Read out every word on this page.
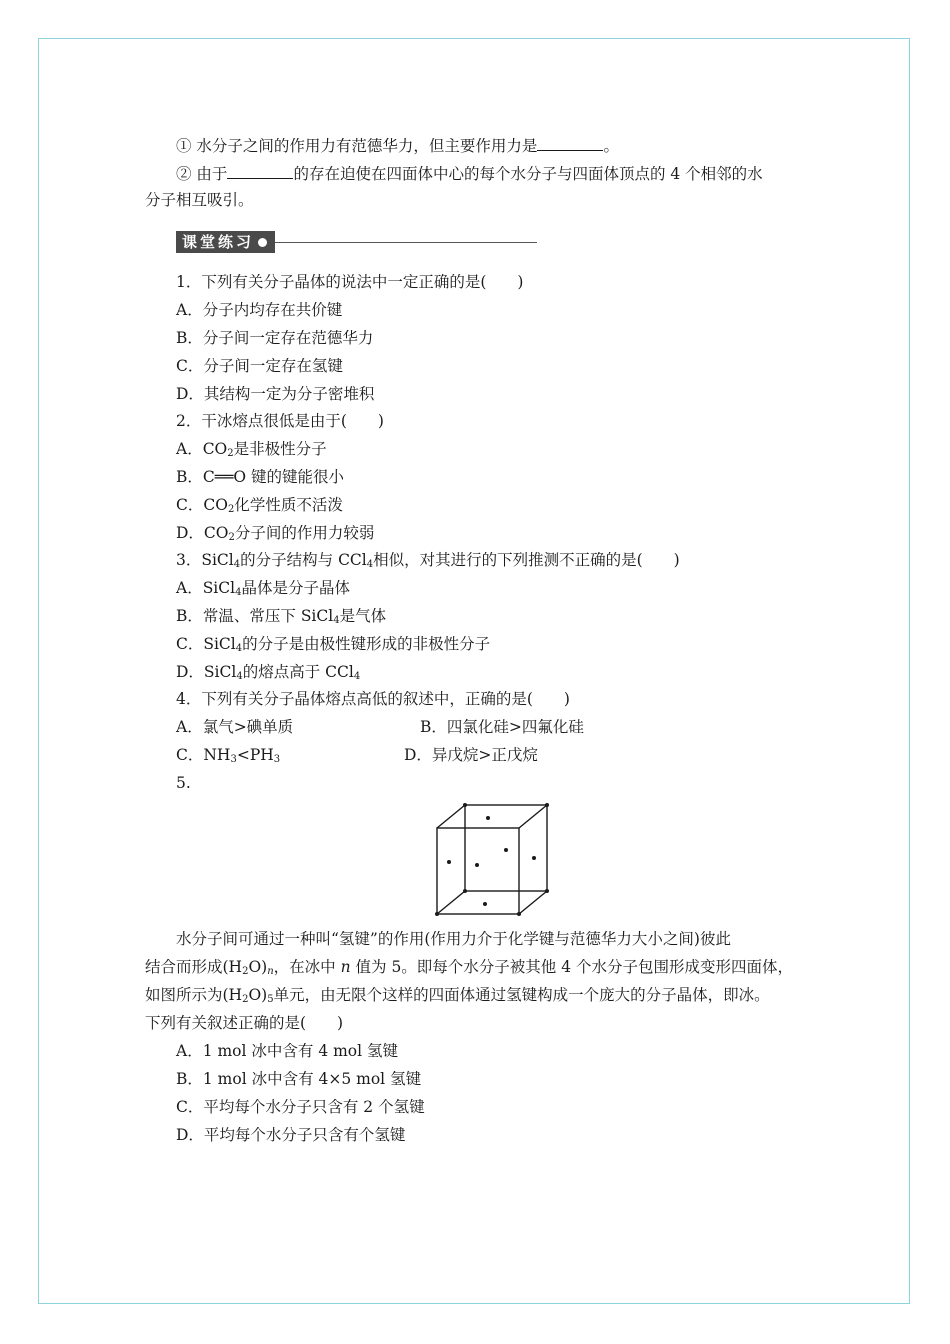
① 水分子之间的作用力有范德华力，但主要作用力是	。
② 由于	的存在迫使在四面体中心的每个水分子与四面体顶点的 4 个相邻的水
分子相互吸引。
课堂练习
1．下列有关分子晶体的说法中一定正确的是(　　)
A．分子内均存在共价键
B．分子间一定存在范德华力
C．分子间一定存在氢键
D．其结构一定为分子密堆积
2．干冰熔点很低是由于(　　)
A．$CO_2$是非极性分子
B．C══O 键的键能很小
C．$CO_2$化学性质不活泼
D．$CO_2$分子间的作用力较弱
3．SiCl$_4$的分子结构与 CCl$_4$相似，对其进行的下列推测不正确的是(　　)
A．SiCl$_4$晶体是分子晶体
B．常温、常压下 SiCl$_4$是气体
C．SiCl$_4$的分子是由极性键形成的非极性分子
D．SiCl$_4$的熔点高于 CCl$_4$
4．下列有关分子晶体熔点高低的叙述中，正确的是(　　)
A．氯气>碘单质	B．四氯化硅>四氟化硅
C．$NH_3<PH_3$	D．异戊烷>正戊烷
5.
水分子间可通过一种叫“氢键”的作用(作用力介于化学键与范德华力大小之间)彼此
结合而形成$(H_2O)_n$，在冰中 n 值为 5。即每个水分子被其他 4 个水分子包围形成变形四面体，
如图所示为$(H_2O)_5$单元，由无限个这样的四面体通过氢键构成一个庞大的分子晶体，即冰。
下列有关叙述正确的是(　　)
A．1 mol 冰中含有 4 mol 氢键
B．1 mol 冰中含有 4×5 mol 氢键
C．平均每个水分子只含有 2 个氢键
D．平均每个水分子只含有个氢键
